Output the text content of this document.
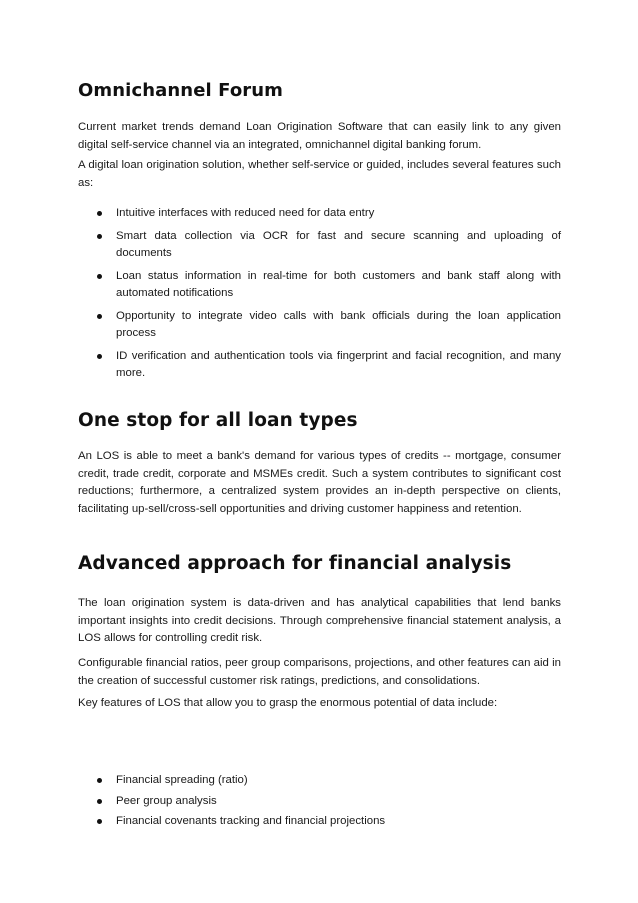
Omnichannel Forum

Current market trends demand Loan Origination Software that can easily link to any given digital self-service channel via an integrated, omnichannel digital banking forum.

A digital loan origination solution, whether self-service or guided, includes several features such as:

Intuitive interfaces with reduced need for data entry
Smart data collection via OCR for fast and secure scanning and uploading of documents
Loan status information in real-time for both customers and bank staff along with automated notifications
Opportunity to integrate video calls with bank officials during the loan application process
ID verification and authentication tools via fingerprint and facial recognition, and many more.
One stop for all loan types

An LOS is able to meet a bank's demand for various types of credits -- mortgage, consumer credit, trade credit, corporate and MSMEs credit. Such a system contributes to significant cost reductions; furthermore, a centralized system provides an in-depth perspective on clients, facilitating up-sell/cross-sell opportunities and driving customer happiness and retention.

Advanced approach for financial analysis

The loan origination system is data-driven and has analytical capabilities that lend banks important insights into credit decisions. Through comprehensive financial statement analysis, a LOS allows for controlling credit risk.

Configurable financial ratios, peer group comparisons, projections, and other features can aid in the creation of successful customer risk ratings, predictions, and consolidations.

Key features of LOS that allow you to grasp the enormous potential of data include:

Financial spreading (ratio)
Peer group analysis
Financial covenants tracking and financial projections
